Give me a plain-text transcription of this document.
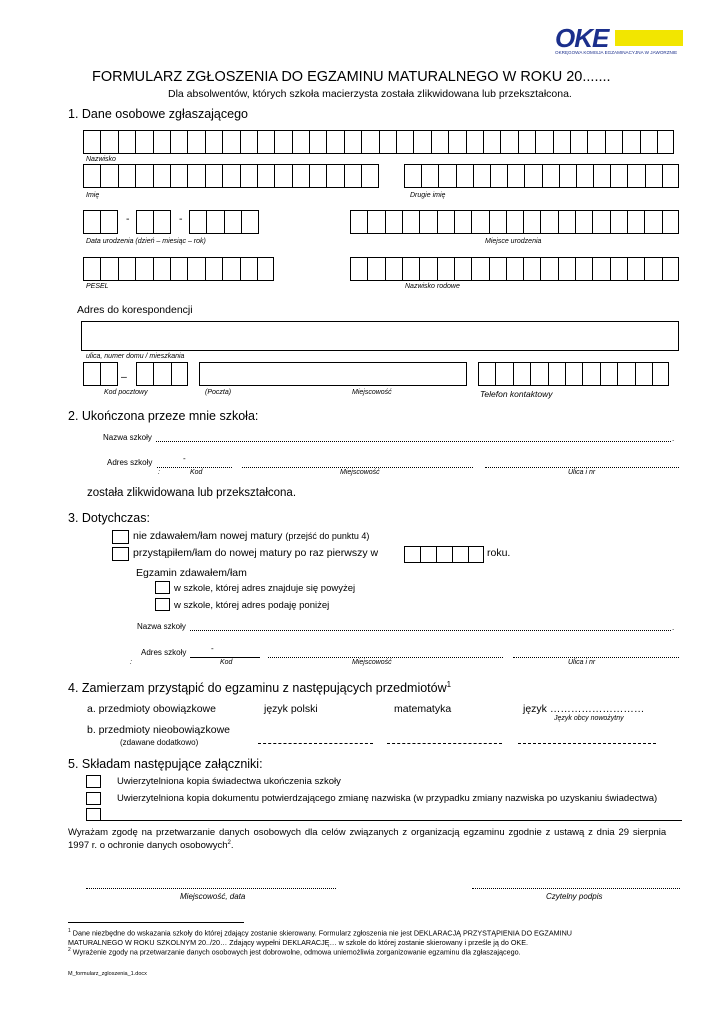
OKE
OKRĘGOWA KOMISJA EGZAMINACYJNA W JAWORZNIE
FORMULARZ ZGŁOSZENIA DO EGZAMINU MATURALNEGO W ROKU 20.......
Dla absolwentów, których szkoła macierzysta została zlikwidowana lub przekształcona.
1. Dane osobowe zgłaszającego
Nazwisko
Imię	Drugie imię
-	-
Data urodzenia (dzień – miesiąc – rok)	Miejsce urodzenia
PESEL	Nazwisko rodowe
Adres do korespondencji
ulica, numer domu / mieszkania
–
Kod pocztowy	(Poczta)	Miejscowość	Telefon kontaktowy
2. Ukończona przeze mnie szkoła:
Nazwa szkoły	.
Adres szkoły	-
:	Kod	Miejscowość	Ulica i nr
została zlikwidowana lub przekształcona.
3. Dotychczas:
nie zdawałem/łam nowej matury (przejść do punktu 4)
przystąpiłem/łam do nowej matury po raz pierwszy w	roku.
Egzamin zdawałem/łam
w szkole, której adres znajduje się powyżej
w szkole, której adres podaję poniżej
Nazwa szkoły	.
Adres szkoły	-
:	Kod	Miejscowość	Ulica i nr
4. Zamierzam przystąpić do egzaminu z następujących przedmiotów$^1$
a. przedmioty obowiązkowe	język polski	matematyka	język ………………………
Język obcy nowożytny
b. przedmioty nieobowiązkowe
(zdawane dodatkowo)
5. Składam następujące załączniki:
Uwierzytelniona kopia świadectwa ukończenia szkoły
Uwierzytelniona kopia dokumentu potwierdzającego zmianę nazwiska (w przypadku zmiany nazwiska po uzyskaniu świadectwa)
Wyrażam zgodę na przetwarzanie danych osobowych dla celów związanych z organizacją egzaminu zgodnie z ustawą z dnia 29 sierpnia
1997 r. o ochronie danych osobowych$^2$.
Miejscowość, data	Czytelny podpis
$^1$ Dane niezbędne do wskazania szkoły do której zdający zostanie skierowany. Formularz zgłoszenia nie jest DEKLARACJĄ PRZYSTĄPIENIA DO EGZAMINU
MATURALNEGO W ROKU SZKOLNYM 20../20… Zdający wypełni DEKLARACJĘ… w szkole do której zostanie skierowany i prześle ją do OKE.
$^2$ Wyrażenie zgody na przetwarzanie danych osobowych jest dobrowolne, odmowa uniemożliwia zorganizowanie egzaminu dla zgłaszającego.
M_formularz_zgloszenia_1.docx
